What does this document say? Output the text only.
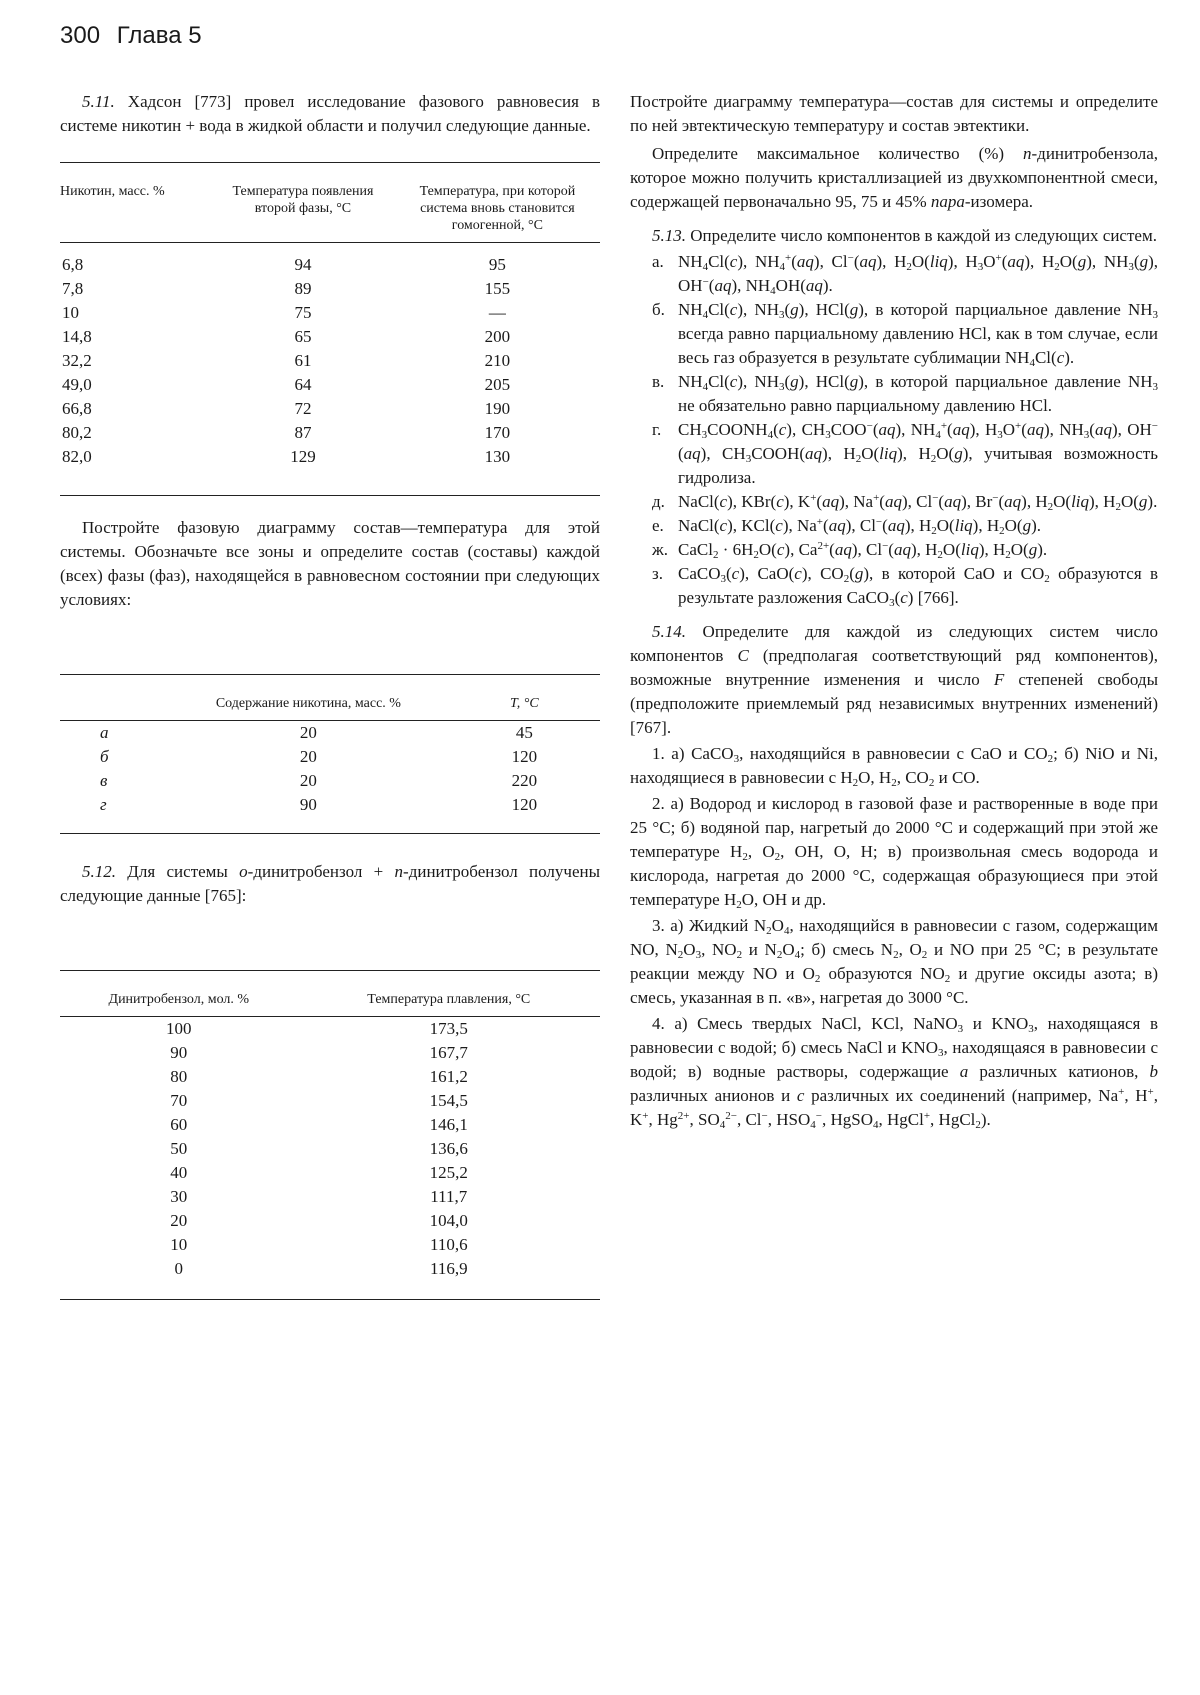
300 Глава 5

5.11. Хадсон [773] провел исследование фазового равновесия в системе никотин + вода в жидкой области и получил следующие данные.

Никотин, масс. %	Температура появления второй фазы, °С	Температура, при которой система вновь становится гомогенной, °С
6,8	94	95
7,8	89	155
10	75	—
14,8	65	200
32,2	61	210
49,0	64	205
66,8	72	190
80,2	87	170
82,0	129	130

Постройте фазовую диаграмму состав—температура для этой системы. Обозначьте все зоны и определите состав (составы) каждой (всех) фазы (фаз), находящейся в равновесном состоянии при следующих условиях:

	Содержание никотина, масс. %	T, °С
а	20	45
б	20	120
в	20	220
г	90	120

5.12. Для системы о-динитробензол + п-динитробензол получены следующие данные [765]:

Динитробензол, мол. %	Температура плавления, °С
100	173,5
90	167,7
80	161,2
70	154,5
60	146,1
50	136,6
40	125,2
30	111,7
20	104,0
10	110,6
0	116,9

Постройте диаграмму температура—состав для системы и определите по ней эвтектическую температуру и состав эвтектики.

Определите максимальное количество (%) п-динитробензола, которое можно получить кристаллизацией из двухкомпонентной смеси, содержащей первоначально 95, 75 и 45% пара-изомера.

5.13. Определите число компонентов в каждой из следующих систем.

а. $NH_4Cl(c)$, $NH_4^+(aq)$, Cl−(aq), $H_2O(liq)$, $H_3O^+(aq)$, $H_2O(g)$, $NH_3(g)$, OH−(aq), $NH_4OH(aq)$.
б. $NH_4Cl(c)$, $NH_3(g)$, HCl(g), в которой парциальное давление $NH_3$ всегда равно парциальному давлению HCl, как в том случае, если весь газ образуется в результате сублимации $NH_4Cl(c)$.
в. $NH_4Cl(c)$, $NH_3(g)$, HCl(g), в которой парциальное давление $NH_3$ не обязательно равно парциальному давлению HCl.
г. $CH_3COONH_4(c)$, $CH_3COO^-(aq)$, $NH_4^+(aq)$, $H_3O^+(aq)$, $NH_3(aq)$, OH−(aq), $CH_3COOH(aq)$, $H_2O(liq)$, $H_2O(g)$, учитывая возможность гидролиза.
д. NaCl(c), KBr(c), K+(aq), Na+(aq), Cl−(aq), Br−(aq), $H_2O(liq)$, $H_2O(g)$.
е. NaCl(c), KCl(c), Na+(aq), Cl−(aq), $H_2O(liq)$, $H_2O(g)$.
ж. CaCl$_2$ · $6H_2O(c)$, $Ca^{2+}(aq)$, Cl−(aq), $H_2O(liq)$, $H_2O(g)$.
з. CaCO$_3$(c), CaO(c), $CO_2(g)$, в которой CaO и $CO_2$ образуются в результате разложения CaCO$_3$(c) [766].

5.14. Определите для каждой из следующих систем число компонентов C (предполагая соответствующий ряд компонентов), возможные внутренние изменения и число F степеней свободы (предположите приемлемый ряд независимых внутренних изменений) [767].

1. а) CaCO$_3$, находящийся в равновесии с CaO и $CO_2$; б) NiO и Ni, находящиеся в равновесии с $H_2O$, $H_2$, $CO_2$ и CO.

2. а) Водород и кислород в газовой фазе и растворенные в воде при 25 °С; б) водяной пар, нагретый до 2000 °С и содержащий при этой же температуре $H_2$, $O_2$, OH, O, H; в) произвольная смесь водорода и кислорода, нагретая до 2000 °С, содержащая образующиеся при этой температуре $H_2O$, OH и др.

3. а) Жидкий $N_2O_4$, находящийся в равновесии с газом, содержащим NO, $N_2O_3$, $NO_2$ и $N_2O_4$; б) смесь $N_2$, $O_2$ и NO при 25 °С; в результате реакции между NO и $O_2$ образуются $NO_2$ и другие оксиды азота; в) смесь, указанная в п. «в», нагретая до 3000 °С.

4. а) Смесь твердых NaCl, KCl, NaNO$_3$ и $KNO_3$, находящаяся в равновесии с водой; б) смесь NaCl и $KNO_3$, находящаяся в равновесии с водой; в) водные растворы, содержащие a различных катионов, b различных анионов и c различных их соединений (например, Na+, H+, K+, $Hg^{2+}$, $SO_4^{2-}$, Cl−, $HSO_4^-$, HgSO$_4$, HgCl+, HgCl$_2$).
